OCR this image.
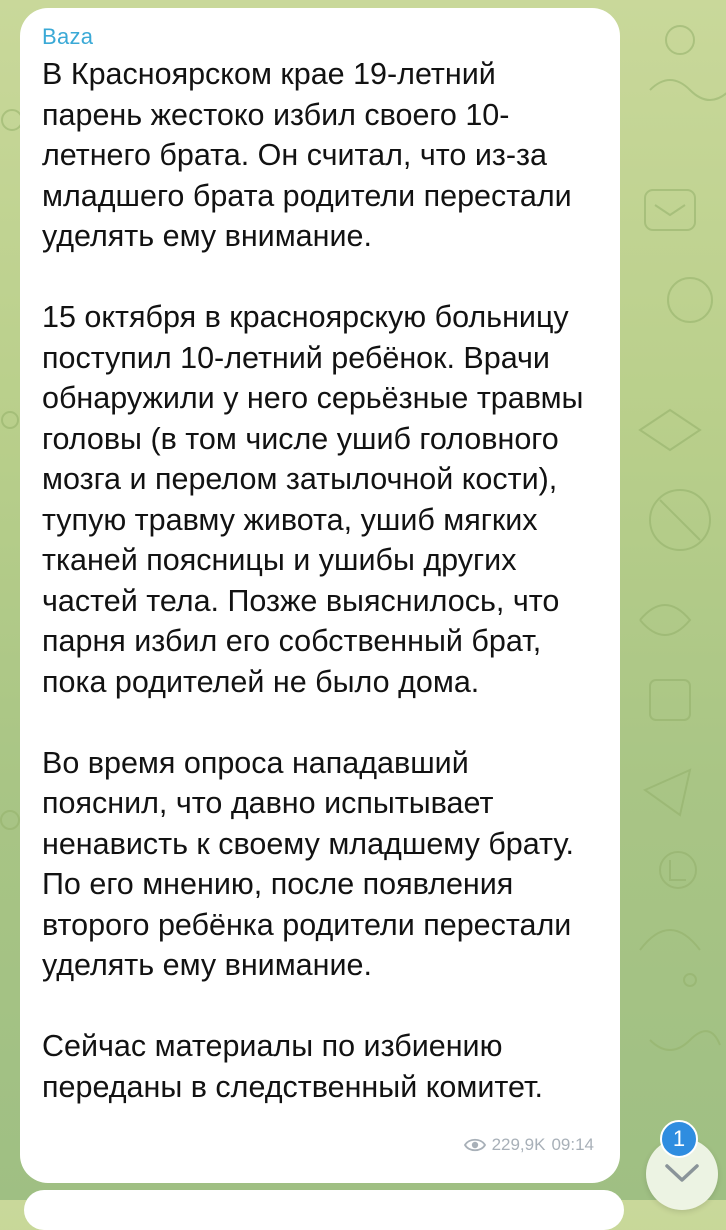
Baza

В Красноярском крае 19-летний парень жестоко избил своего 10-летнего брата. Он считал, что из-за младшего брата родители перестали уделять ему внимание.

15 октября в красноярскую больницу поступил 10-летний ребёнок. Врачи обнаружили у него серьёзные травмы головы (в том числе ушиб головного мозга и перелом затылочной кости), тупую травму живота, ушиб мягких тканей поясницы и ушибы других частей тела. Позже выяснилось, что парня избил его собственный брат, пока родителей не было дома.

Во время опроса нападавший пояснил, что давно испытывает ненависть к своему младшему брату. По его мнению, после появления второго ребёнка родители перестали уделять ему внимание.

Сейчас материалы по избиению переданы в следственный комитет.

229,9K 09:14	1
